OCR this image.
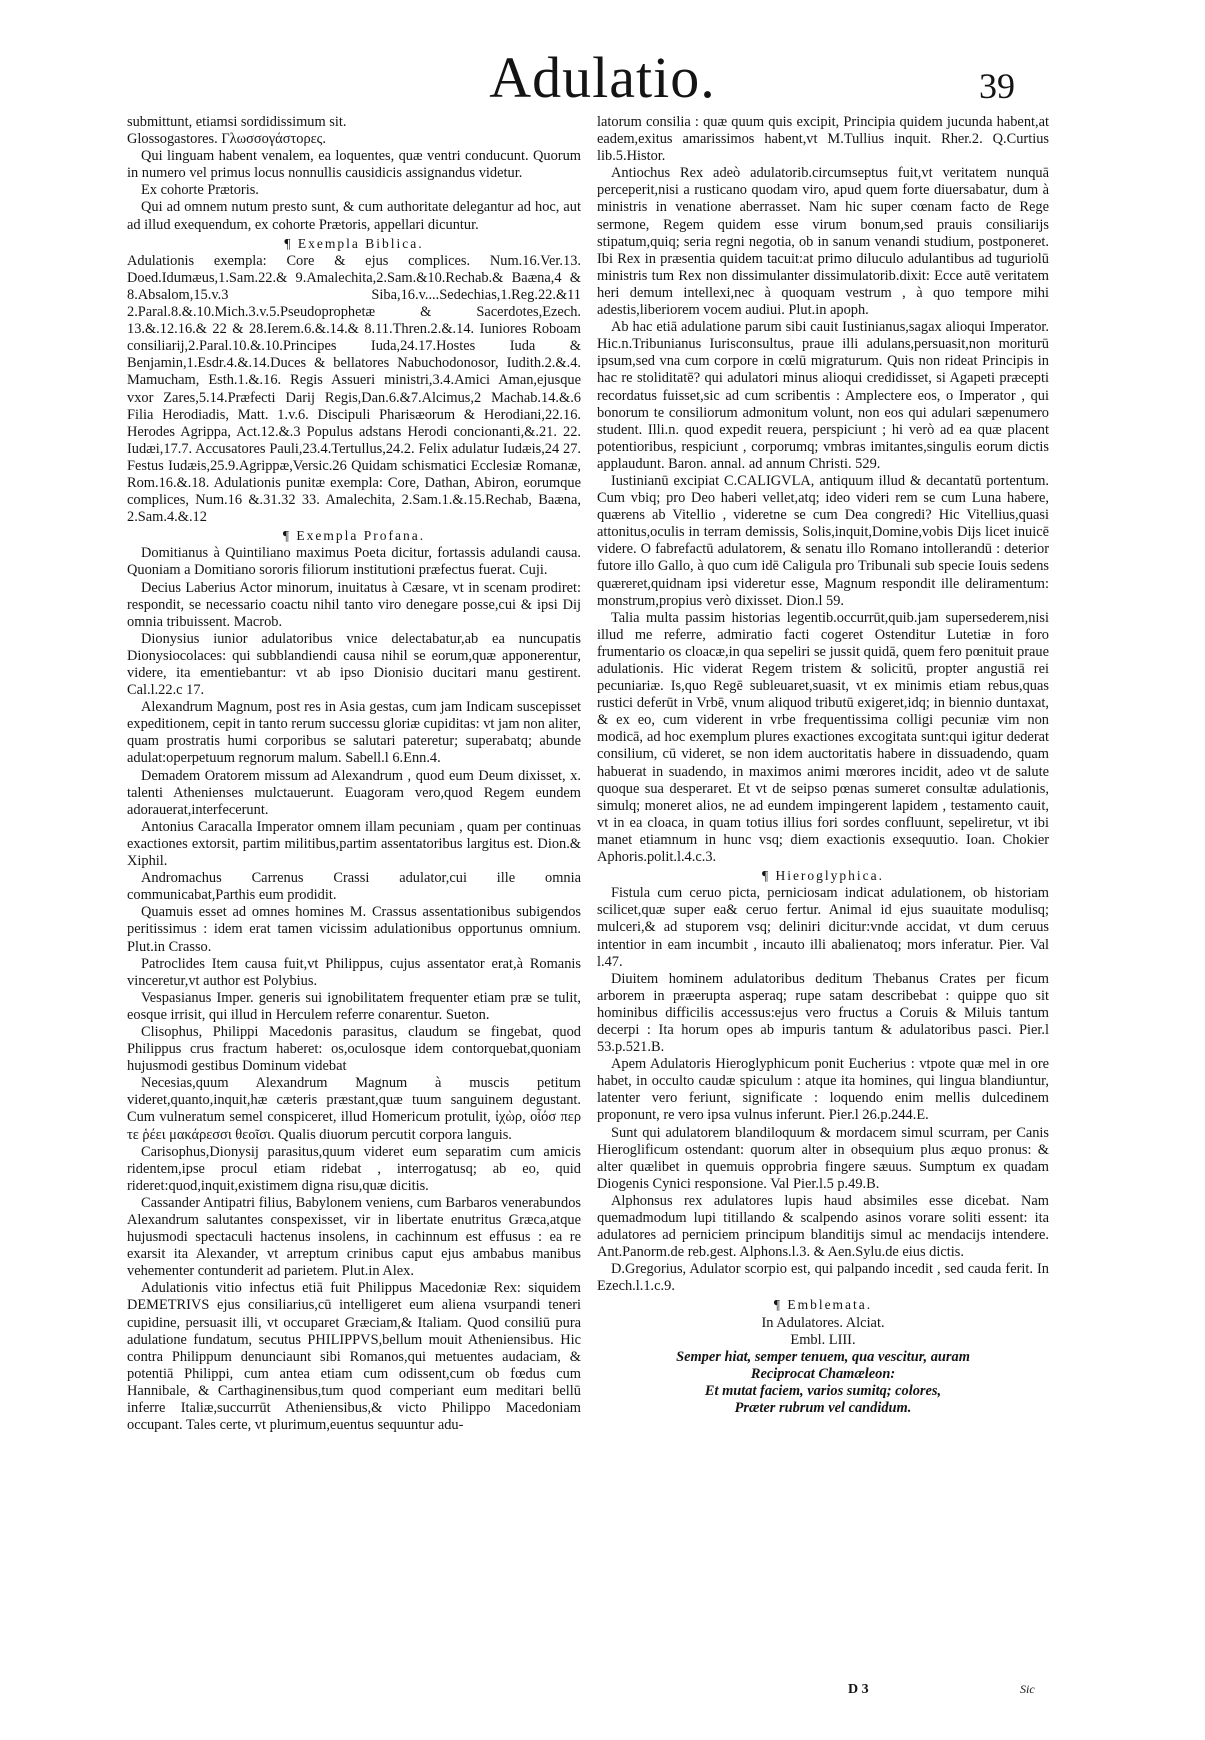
Adulatio.	39

submittunt, etiamsi sordidissimum sit.

Glossogastores. Γλωσσογάστορες.

Qui linguam habent venalem, ea loquentes, quæ ventri conducunt. Quorum in numero vel primus locus nonnullis causidicis assignandus videtur.

Ex cohorte Prætoris.

Qui ad omnem nutum presto sunt, & cum authoritate delegantur ad hoc, aut ad illud exequendum, ex cohorte Prætoris, appellari dicuntur.

¶ Exempla Biblica.

Adulationis exempla: Core & ejus complices. Num.16.Ver.13. Doed.Idumæus,1.Sam.22.& 9.Amalechita,2.Sam.&10.Rechab.& Baæna,4 & 8.Absalom,15.v.3 Siba,16.v....Sedechias,1.Reg.22.&11 2.Paral.8.&.10.Mich.3.v.5.Pseudoprophetæ & Sacerdotes,Ezech. 13.&.12.16.& 22 & 28.Ierem.6.&.14.& 8.11.Thren.2.&.14. Iuniores Roboam consiliarij,2.Paral.10.&.10.Principes Iuda,24.17.Hostes Iuda & Benjamin,1.Esdr.4.&.14.Duces & bellatores Nabuchodonosor, Iudith.2.&.4. Mamucham, Esth.1.&.16. Regis Assueri ministri,3.4.Amici Aman,ejusque vxor Zares,5.14.Præfecti Darij Regis,Dan.6.&7.Alcimus,2 Machab.14.&.6 Filia Herodiadis, Matt. 1.v.6. Discipuli Pharisæorum & Herodiani,22.16. Herodes Agrippa, Act.12.&.3 Populus adstans Herodi concionanti,&.21. 22. Iudæi,17.7. Accusatores Pauli,23.4.Tertullus,24.2. Felix adulatur Iudæis,24 27. Festus Iudæis,25.9.Agrippæ,Versic.26 Quidam schismatici Ecclesiæ Romanæ, Rom.16.&.18. Adulationis punitæ exempla: Core, Dathan, Abiron, eorumque complices, Num.16 &.31.32 33. Amalechita, 2.Sam.1.&.15.Rechab, Baæna, 2.Sam.4.&.12

¶ Exempla Profana.

Domitianus à Quintiliano maximus Poeta dicitur, fortassis adulandi causa. Quoniam a Domitiano sororis filiorum institutioni præfectus fuerat. Cuji.

Decius Laberius Actor minorum, inuitatus à Cæsare, vt in scenam prodiret: respondit, se necessario coactu nihil tanto viro denegare posse,cui & ipsi Dij omnia tribuissent. Macrob.

Dionysius iunior adulatoribus vnice delectabatur,ab ea nuncupatis Dionysiocolaces: qui subblandiendi causa nihil se eorum,quæ apponerentur, videre, ita ementiebantur: vt ab ipso Dionisio ducitari manu gestirent. Cal.l.22.c 17.

Alexandrum Magnum, post res in Asia gestas, cum jam Indicam suscepisset expeditionem, cepit in tanto rerum successu gloriæ cupiditas: vt jam non aliter, quam prostratis humi corporibus se salutari pateretur; superabatq; abunde adulat:operpetuum regnorum malum. Sabell.l 6.Enn.4.

Demadem Oratorem missum ad Alexandrum , quod eum Deum dixisset, x. talenti Athenienses mulctauerunt. Euagoram vero,quod Regem eundem adorauerat,interfecerunt.

Antonius Caracalla Imperator omnem illam pecuniam , quam per continuas exactiones extorsit, partim militibus,partim assentatoribus largitus est. Dion.& Xiphil.

Andromachus Carrenus Crassi adulator,cui ille omnia communicabat,Parthis eum prodidit.

Quamuis esset ad omnes homines M. Crassus assentationibus subigendos peritissimus : idem erat tamen vicissim adulationibus opportunus omnium. Plut.in Crasso.

Patroclides Item causa fuit,vt Philippus, cujus assentator erat,à Romanis vinceretur,vt author est Polybius.

Vespasianus Imper. generis sui ignobilitatem frequenter etiam præ se tulit, eosque irrisit, qui illud in Herculem referre conarentur. Sueton.

Clisophus, Philippi Macedonis parasitus, claudum se fingebat, quod Philippus crus fractum haberet: os,oculosque idem contorquebat,quoniam hujusmodi gestibus Dominum videbat

Necesias,quum Alexandrum Magnum à muscis petitum videret,quanto,inquit,hæ cæteris præstant,quæ tuum sanguinem degustant. Cum vulneratum semel conspiceret, illud Homericum protulit, ἰχὼρ, οἷόσ περ τε ῥέει μακάρεσσι θεοῖσι. Qualis diuorum percutit corpora languis.

Carisophus,Dionysij parasitus,quum videret eum separatim cum amicis ridentem,ipse procul etiam ridebat , interrogatusq; ab eo, quid rideret:quod,inquit,existimem digna risu,quæ dicitis.

Cassander Antipatri filius, Babylonem veniens, cum Barbaros venerabundos Alexandrum salutantes conspexisset, vir in libertate enutritus Græca,atque hujusmodi spectaculi hactenus insolens, in cachinnum est effusus : ea re exarsit ita Alexander, vt arreptum crinibus caput ejus ambabus manibus vehementer contunderit ad parietem. Plut.in Alex.

Adulationis vitio infectus etiā fuit Philippus Macedoniæ Rex: siquidem DEMETRIVS ejus consiliarius,cū intelligeret eum aliena vsurpandi teneri cupidine, persuasit illi, vt occuparet Græciam,& Italiam. Quod consiliū pura adulatione fundatum, secutus PHILIPPVS,bellum mouit Atheniensibus. Hic contra Philippum denunciaunt sibi Romanos,qui metuentes audaciam, & potentiā Philippi, cum antea etiam cum odissent,cum ob fœdus cum Hannibale, & Carthaginensibus,tum quod comperiant eum meditari bellū inferre Italiæ,succurrūt Atheniensibus,& victo Philippo Macedoniam occupant. Tales certe, vt plurimum,euentus sequuntur adu-

latorum consilia : quæ quum quis excipit, Principia quidem jucunda habent,at eadem,exitus amarissimos habent,vt M.Tullius inquit. Rher.2. Q.Curtius lib.5.Histor.

Antiochus Rex adeò adulatorib.circumseptus fuit,vt veritatem nunquā perceperit,nisi a rusticano quodam viro, apud quem forte diuersabatur, dum à ministris in venatione aberrasset. Nam hic super cœnam facto de Rege sermone, Regem quidem esse virum bonum,sed prauis consiliarijs stipatum,quiq; seria regni negotia, ob in sanum venandi studium, postponeret. Ibi Rex in præsentia quidem tacuit:at primo diluculo adulantibus ad tuguriolū ministris tum Rex non dissimulanter dissimulatorib.dixit: Ecce autē veritatem heri demum intellexi,nec à quoquam vestrum , à quo tempore mihi adestis,liberiorem vocem audiui. Plut.in apoph.

Ab hac etiā adulatione parum sibi cauit Iustinianus,sagax alioqui Imperator. Hic.n.Tribunianus Iurisconsultus, praue illi adulans,persuasit,non moriturū ipsum,sed vna cum corpore in cœlū migraturum. Quis non rideat Principis in hac re stoliditatē? qui adulatori minus alioqui credidisset, si Agapeti præcepti recordatus fuisset,sic ad cum scribentis : Amplectere eos, o Imperator , qui bonorum te consiliorum admonitum volunt, non eos qui adulari sæpenumero student. Illi.n. quod expedit reuera, perspiciunt ; hi verò ad ea quæ placent potentioribus, respiciunt , corporumq; vmbras imitantes,singulis eorum dictis applaudunt. Baron. annal. ad annum Christi. 529.

Iustinianū excipiat C.CALIGVLA, antiquum illud & decantatū portentum. Cum vbiq; pro Deo haberi vellet,atq; ideo videri rem se cum Luna habere, quærens ab Vitellio , videretne se cum Dea congredi? Hic Vitellius,quasi attonitus,oculis in terram demissis, Solis,inquit,Domine,vobis Dijs licet inuicē videre. O fabrefactū adulatorem, & senatu illo Romano intollerandū : deterior futore illo Gallo, à quo cum idē Caligula pro Tribunali sub specie Iouis sedens quæreret,quidnam ipsi videretur esse, Magnum respondit ille deliramentum: monstrum,propius verò dixisset. Dion.l 59.

Talia multa passim historias legentib.occurrūt,quib.jam supersederem,nisi illud me referre, admiratio facti cogeret Ostenditur Lutetiæ in foro frumentario os cloacæ,in qua sepeliri se jussit quidā, quem fero pœnituit praue adulationis. Hic viderat Regem tristem & solicitū, propter angustiā rei pecuniariæ. Is,quo Regē subleuaret,suasit, vt ex minimis etiam rebus,quas rustici deferūt in Vrbē, vnum aliquod tributū exigeret,idq; in biennio duntaxat, & ex eo, cum viderent in vrbe frequentissima colligi pecuniæ vim non modicā, ad hoc exemplum plures exactiones excogitata sunt:qui igitur dederat consilium, cū videret, se non idem auctoritatis habere in dissuadendo, quam habuerat in suadendo, in maximos animi mœrores incidit, adeo vt de salute quoque sua desperaret. Et vt de seipso pœnas sumeret consultæ adulationis, simulq; moneret alios, ne ad eundem impingerent lapidem , testamento cauit, vt in ea cloaca, in quam totius illius fori sordes confluunt, sepeliretur, vt ibi manet etiamnum in hunc vsq; diem exactionis exsequutio. Ioan. Chokier Aphoris.polit.l.4.c.3.

¶ Hieroglyphica.

Fistula cum ceruo picta, perniciosam indicat adulationem, ob historiam scilicet,quæ super ea& ceruo fertur. Animal id ejus suauitate modulisq; mulceri,& ad stuporem vsq; deliniri dicitur:vnde accidat, vt dum ceruus intentior in eam incumbit , incauto illi abalienatoq; mors inferatur. Pier. Val l.47.

Diuitem hominem adulatoribus deditum Thebanus Crates per ficum arborem in præerupta asperaq; rupe satam describebat : quippe quo sit hominibus difficilis accessus:ejus vero fructus a Coruis & Miluis tantum decerpi : Ita horum opes ab impuris tantum & adulatoribus pasci. Pier.l 53.p.521.B.

Apem Adulatoris Hieroglyphicum ponit Eucherius : vtpote quæ mel in ore habet, in occulto caudæ spiculum : atque ita homines, qui lingua blandiuntur, latenter vero feriunt, significate : loquendo enim mellis dulcedinem proponunt, re vero ipsa vulnus inferunt. Pier.l 26.p.244.E.

Sunt qui adulatorem blandiloquum & mordacem simul scurram, per Canis Hieroglificum ostendant: quorum alter in obsequium plus æquo pronus: & alter quælibet in quemuis opprobria fingere sæuus. Sumptum ex quadam Diogenis Cynici responsione. Val Pier.l.5 p.49.B.

Alphonsus rex adulatores lupis haud absimiles esse dicebat. Nam quemadmodum lupi titillando & scalpendo asinos vorare soliti essent: ita adulatores ad perniciem principum blanditijs simul ac mendacijs intendere. Ant.Panorm.de reb.gest. Alphons.l.3. & Aen.Sylu.de eius dictis.

D.Gregorius, Adulator scorpio est, qui palpando incedit , sed cauda ferit. In Ezech.l.1.c.9.

¶ Emblemata.

In Adulatores. Alciat.

Embl. LIII.

Semper hiat, semper tenuem, qua vescitur, auram

Reciprocat Chamæleon:

Et mutat faciem, varios sumitq; colores,

Præter rubrum vel candidum.

D 3	Sic
